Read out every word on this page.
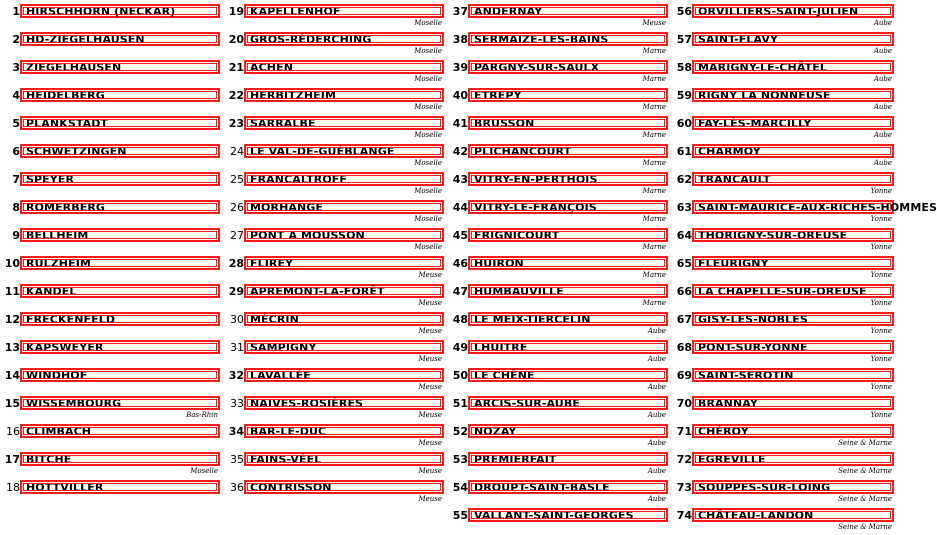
1 HIRSCHHORN (NECKAR)
2 HD-ZIEGELHAUSEN
3 ZIEGELHAUSEN
4 HEIDELBERG
5 PLANKSTADT
6 SCHWETZINGEN
7 SPEYER
8 ROMERBERG
9 BELLHEIM
10 RULZHEIM
11 KANDEL
12 FRECKENFELD
13 KAPSWEYER
14 WINDHOF
15 WISSEMBOURG
Bas-Rhin
16 CLIMBACH
17 BITCHE
Moselle
18 HOTTVILLER
19 KAPELLENHOF
Moselle
20 GROS-RÉDERCHING
Moselle
21 ACHEN
Moselle
22 HERBITZHEIM
Moselle
23 SARRALBE
Moselle
24 LE VAL-DE-GUÉBLANGE
Moselle
25 FRANCALTROFF
Moselle
26 MORHANGE
Moselle
27 PONT A MOUSSON
Moselle
28 FLIREY
Meuse
29 APREMONT-LA-FORÊT
Meuse
30 MÉCRIN
Meuse
31 SAMPIGNY
Meuse
32 LAVALLÉE
Meuse
33 NAIVES-ROSIÈRES
Meuse
34 BAR-LE-DUC
Meuse
35 FAINS-VÉEL
Meuse
36 CONTRISSON
Meuse
37 ANDERNAY
Meuse
38 SERMAIZE-LES-BAINS
Marne
39 PARGNY-SUR-SAULX
Marne
40 ETREPY
Marne
41 BRUSSON
Marne
42 PLICHANCOURT
Marne
43 VITRY-EN-PERTHOIS
Marne
44 VITRY-LE-FRANÇOIS
Marne
45 FRIGNICOURT
Marne
46 HUIRON
Marne
47 HUMBAUVILLE
Marne
48 LE MEIX-TIERCELIN
Aube
49 LHUITRE
Aube
50 LE CHÊNE
Aube
51 ARCIS-SUR-AUBE
Aube
52 NOZAY
Aube
53 PREMIERFAIT
Aube
54 DROUPT-SAINT-BASLE
Aube
55 VALLANT-SAINT-GEORGES
56 ORVILLIERS-SAINT-JULIEN
Aube
57 SAINT-FLAVY
Aube
58 MARIGNY-LE-CHÂTEL
Aube
59 RIGNY LA NONNEUSE
Aube
60 FAY-LÈS-MARCILLY
Aube
61 CHARMOY
Aube
62 TRANCAULT
Yonne
63 SAINT-MAURICE-AUX-RICHES-HOMMES
Yonne
64 THORIGNY-SUR-OREUSE
Yonne
65 FLEURIGNY
Yonne
66 LA CHAPELLE-SUR-OREUSE
Yonne
67 GISY-LES-NOBLES
Yonne
68 PONT-SUR-YONNE
Yonne
69 SAINT-SEROTIN
Yonne
70 BRANNAY
Yonne
71 CHÉROY
Seine & Marne
72 EGREVILLE
Seine & Marne
73 SOUPPES-SUR-LOING
Seine & Marne
74 CHÂTEAU-LANDON
Seine & Marne
